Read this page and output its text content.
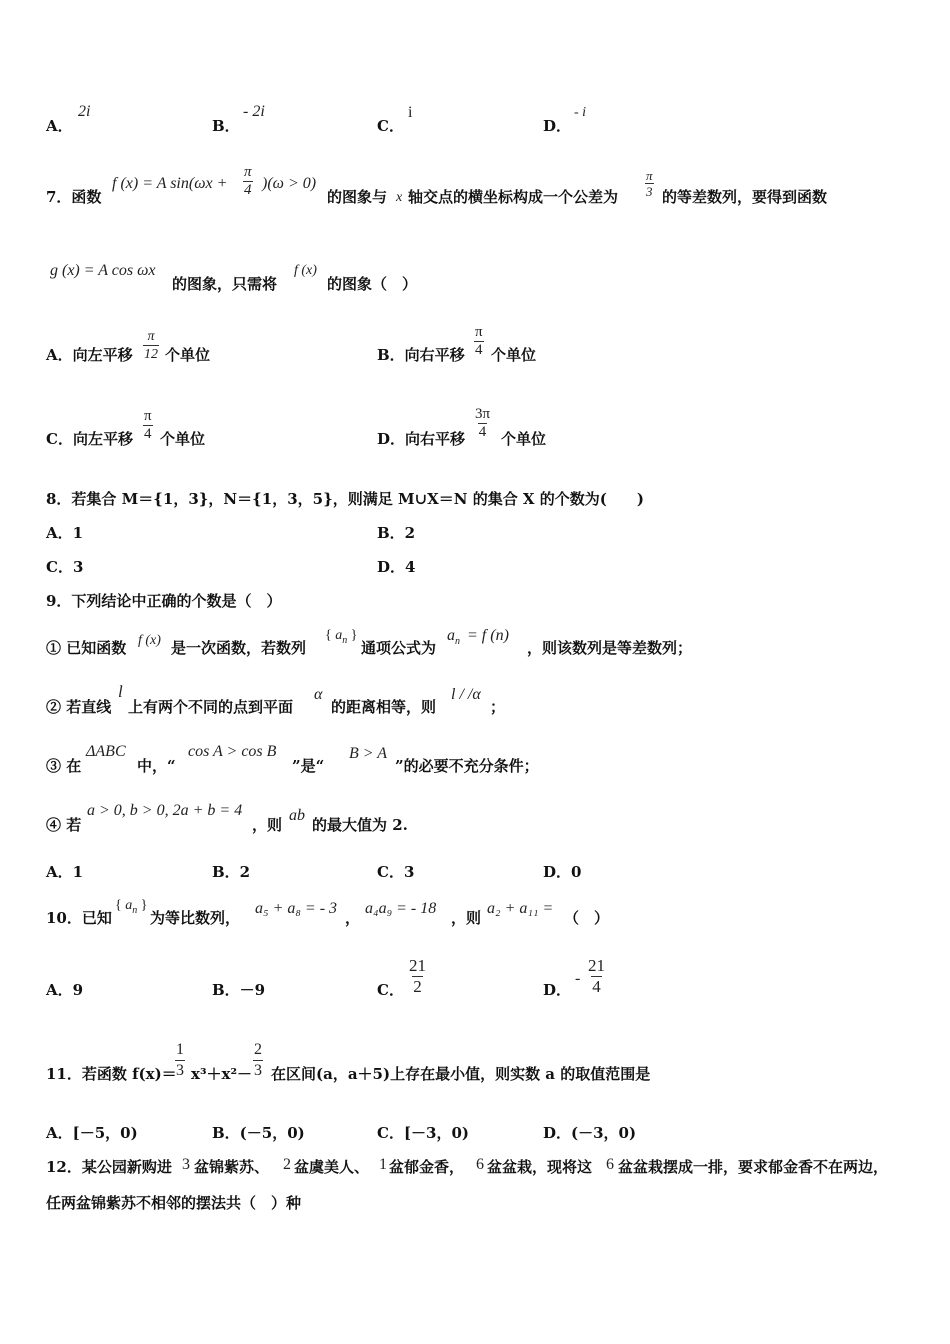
A．
2i
B．
- 2i
C．
i
D．
- i
7．函数
f (x) = A $\sin(\omega x + \frac{\pi}{4} )(\omega > 0)$
的图象与 x 轴交点的横坐标构成一个公差为 $\frac{\pi}{3}$ 的等差数列，要得到函数
g (x) = A cos ωx
的图象，只需将
f (x)
的图象（　）
A．向左平移 $\frac{\pi}{12}$ 个单位	B．向右平移 $\frac{\pi}{4}$ 个单位
C．向左平移 $\frac{\pi}{4}$ 个单位	D．向右平移 $\frac{3\pi}{4}$ 个单位
8．若集合 M＝{1，3}，N＝{1，3，5}，则满足 M∪X＝N 的集合 X 的个数为(　　)
A．1	B．2
C．3	D．4
9．下列结论中正确的个数是（　）
① 已知函数 f (x) 是一次函数，若数列
{ $a_n$ }
通项公式为
$a_n = f$ (n)
，则该数列是等差数列；
② 若直线
l
上有两个不同的点到平面
α
的距离相等，则
l / /α
；
③ 在
ΔABC
中，“
cos A > cos B
”是“
B > A
”的必要不充分条件；
④ 若
a > 0, b > 0, 2a + b = 4
，则
ab
的最大值为 2.
A．1	B．2	C．3	D．0
10．已知
{ $a_n$ }
为等比数列，
a₅ + a₈ = - 3
，
a₄a₉ = - 18
，则
a₂ + a₁₁ =
（　）
A．9	B．－9	C． $\frac{21}{2}$	D．
- $\frac{21}{4}$
11．若函数 f(x)＝
$\frac{1}{3} x^3+x^2- \frac{2}{3}$ 在区间(a，a＋5)上存在最小值，则实数 a 的取值范围是
A．[－5，0)	B．(－5，0)	C．[－3，0)	D．(－3，0)
12．某公园新购进 3 盆锦紫苏、 2 盆虞美人、 1 盆郁金香， 6 盆盆栽，现将这 6 盆盆栽摆成一排，要求郁金香不在两边，
任两盆锦紫苏不相邻的摆法共（　）种
